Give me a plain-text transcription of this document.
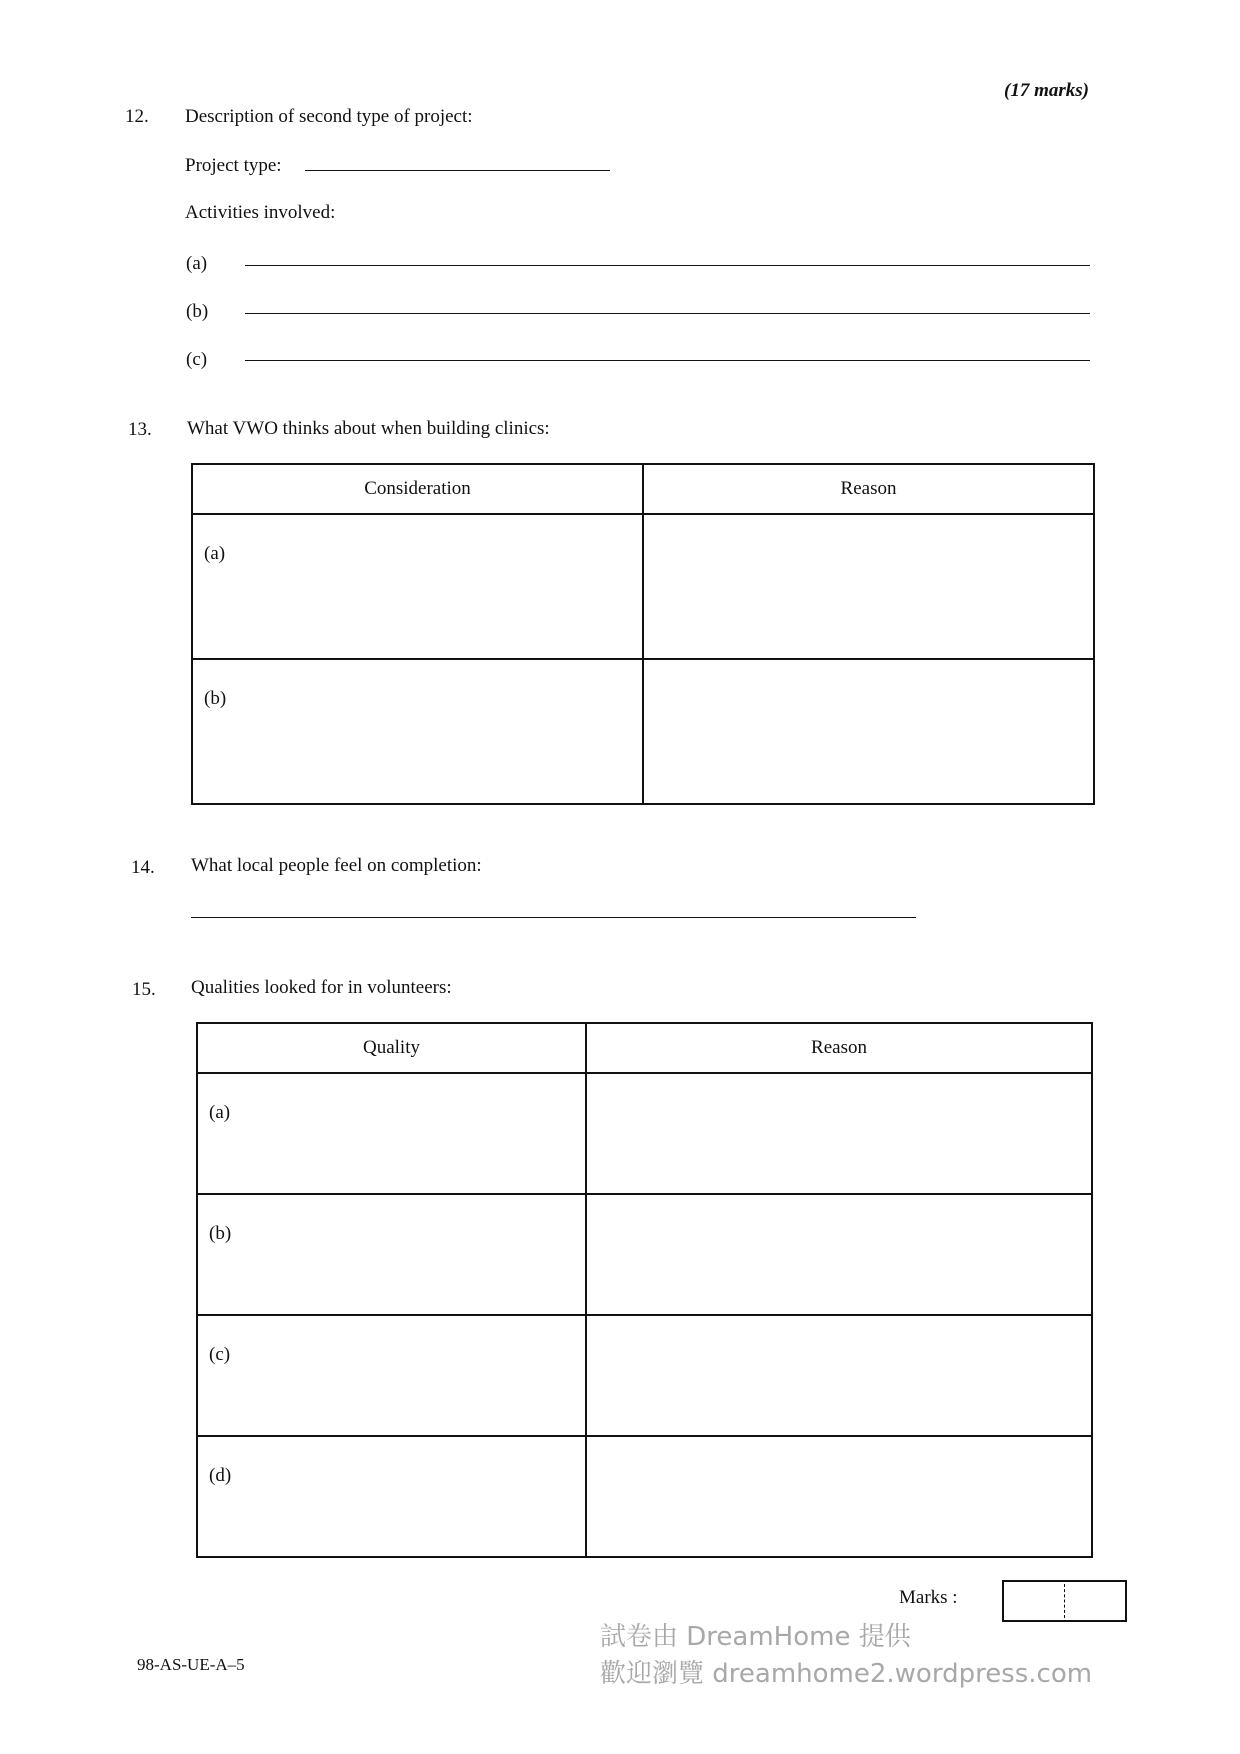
(17 marks)
12. Description of second type of project:
Project type:
Activities involved:
(a)
(b)
(c)
13. What VWO thinks about when building clinics:
Consideration	Reason

(a)	

(b)	

14. What local people feel on completion:
15. Qualities looked for in volunteers:
Quality	Reason

(a)	

(b)	

(c)	

(d)	

Marks :
試卷由 DreamHome 提供
歡迎瀏覽 dreamhome2.wordpress.com
98-AS-UE-A–5
